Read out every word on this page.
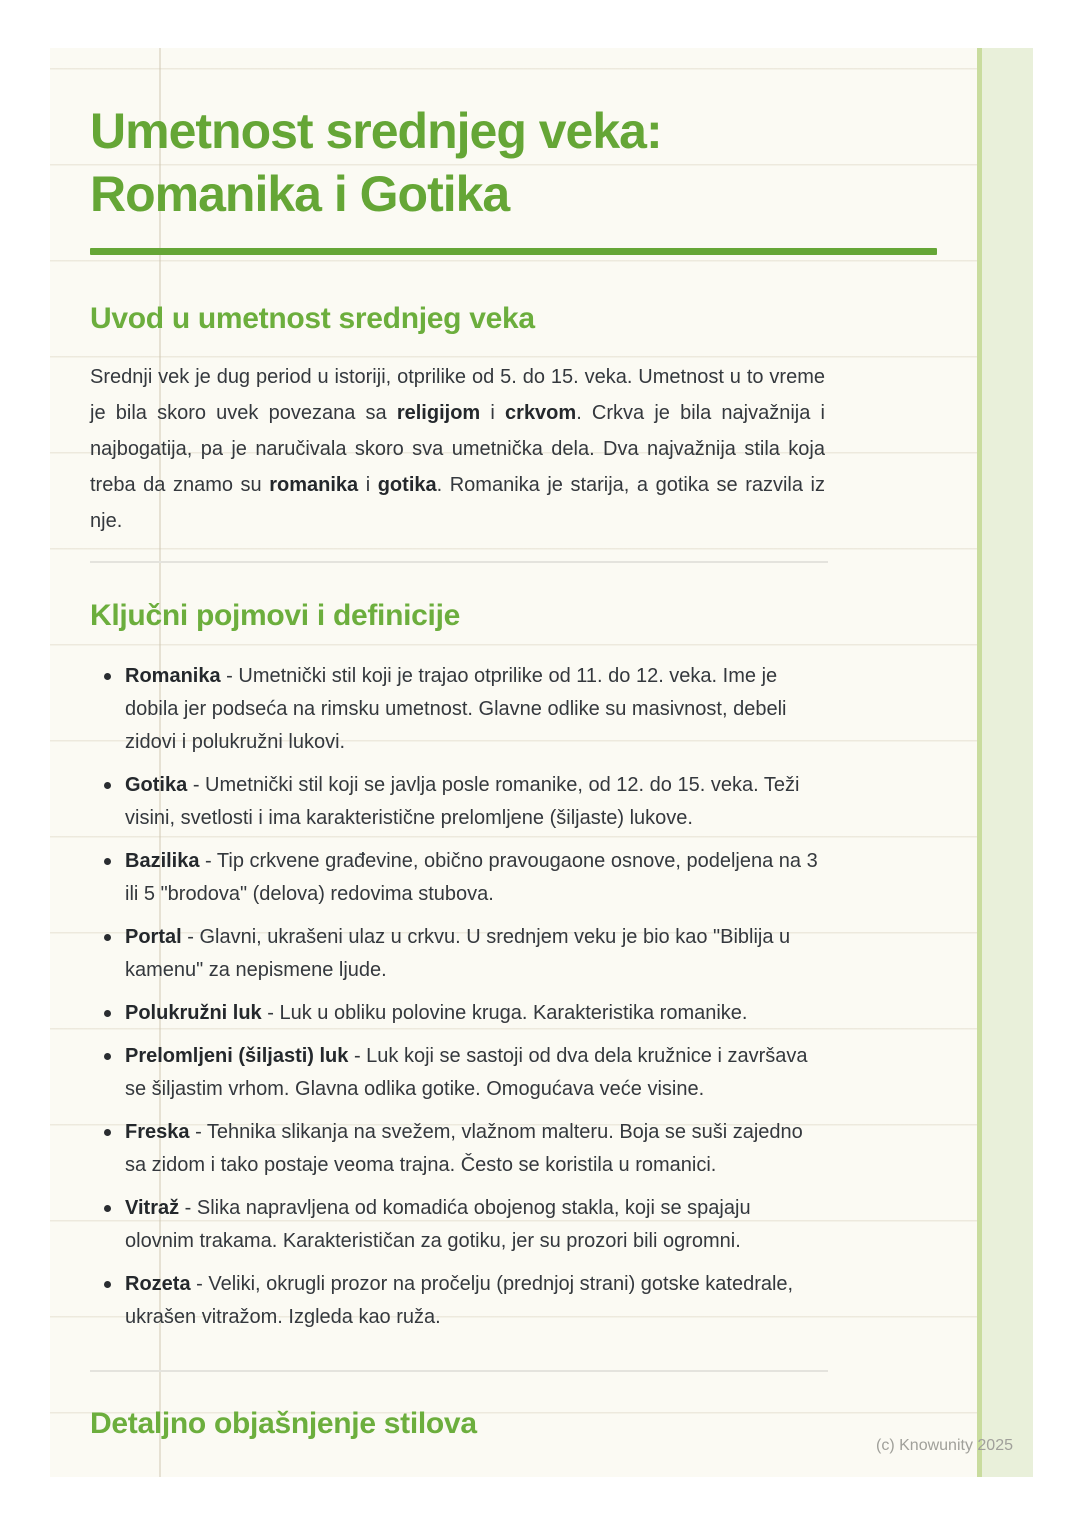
Umetnost srednjeg veka:
Romanika i Gotika
Uvod u umetnost srednjeg veka

Srednji vek je dug period u istoriji, otprilike od 5. do 15. veka. Umetnost u to vreme je bila skoro uvek povezana sa religijom i crkvom. Crkva je bila najvažnija i najbogatija, pa je naručivala skoro sva umetnička dela. Dva najvažnija stila koja treba da znamo su romanika i gotika. Romanika je starija, a gotika se razvila iz nje.

Ključni pojmovi i definicije
Romanika - Umetnički stil koji je trajao otprilike od 11. do 12. veka. Ime je dobila jer podseća na rimsku umetnost. Glavne odlike su masivnost, debeli zidovi i polukružni lukovi.
Gotika - Umetnički stil koji se javlja posle romanike, od 12. do 15. veka. Teži visini, svetlosti i ima karakteristične prelomljene (šiljaste) lukove.
Bazilika - Tip crkvene građevine, obično pravougaone osnove, podeljena na 3 ili 5 "brodova" (delova) redovima stubova.
Portal - Glavni, ukrašeni ulaz u crkvu. U srednjem veku je bio kao "Biblija u kamenu" za nepismene ljude.
Polukružni luk - Luk u obliku polovine kruga. Karakteristika romanike.
Prelomljeni (šiljasti) luk - Luk koji se sastoji od dva dela kružnice i završava se šiljastim vrhom. Glavna odlika gotike. Omogućava veće visine.
Freska - Tehnika slikanja na svežem, vlažnom malteru. Boja se suši zajedno sa zidom i tako postaje veoma trajna. Često se koristila u romanici.
Vitraž - Slika napravljena od komadića obojenog stakla, koji se spajaju olovnim trakama. Karakterističan za gotiku, jer su prozori bili ogromni.
Rozeta - Veliki, okrugli prozor na pročelju (prednjoj strani) gotske katedrale, ukrašen vitražom. Izgleda kao ruža.
Detaljno objašnjenje stilova
(c) Knowunity 2025
